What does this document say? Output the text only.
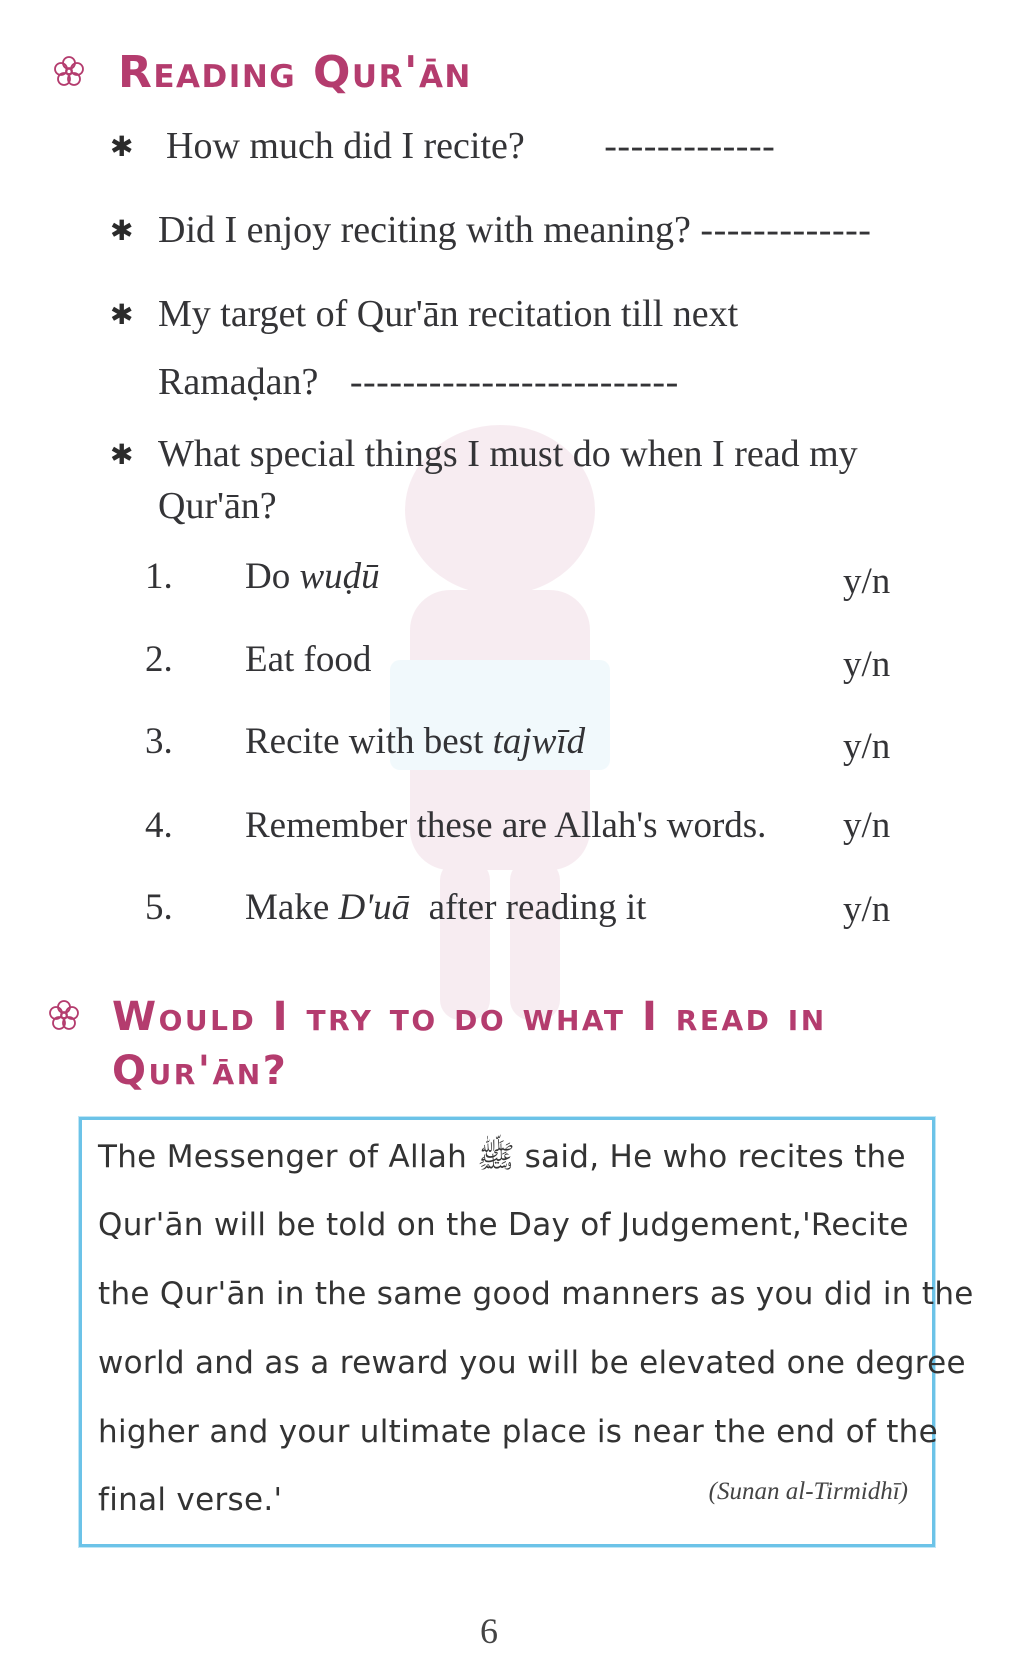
Reading Qur'ān
✱ How much did I recite? -------------
✱ Did I enjoy reciting with meaning? -------------
✱ My target of Qur'ān recitation till next
Ramaḍan? -------------------------
✱ What special things I must do when I read my
Qur'ān?
1. Do wuḍū	y/n
2. Eat food	y/n
3. Recite with best tajwīd	y/n
4. Remember these are Allah's words. y/n
5. Make D'uā  after reading it	y/n
Would I try to do what I read in
Qur'ān?
The Messenger of Allah ﷺ said, He who recites the
Qur'ān will be told on the Day of Judgement,'Recite
the Qur'ān in the same good manners as you did in the
world and as a reward you will be elevated one degree
higher and your ultimate place is near the end of the
final verse.'	(Sunan al-Tirmidhī)
6
